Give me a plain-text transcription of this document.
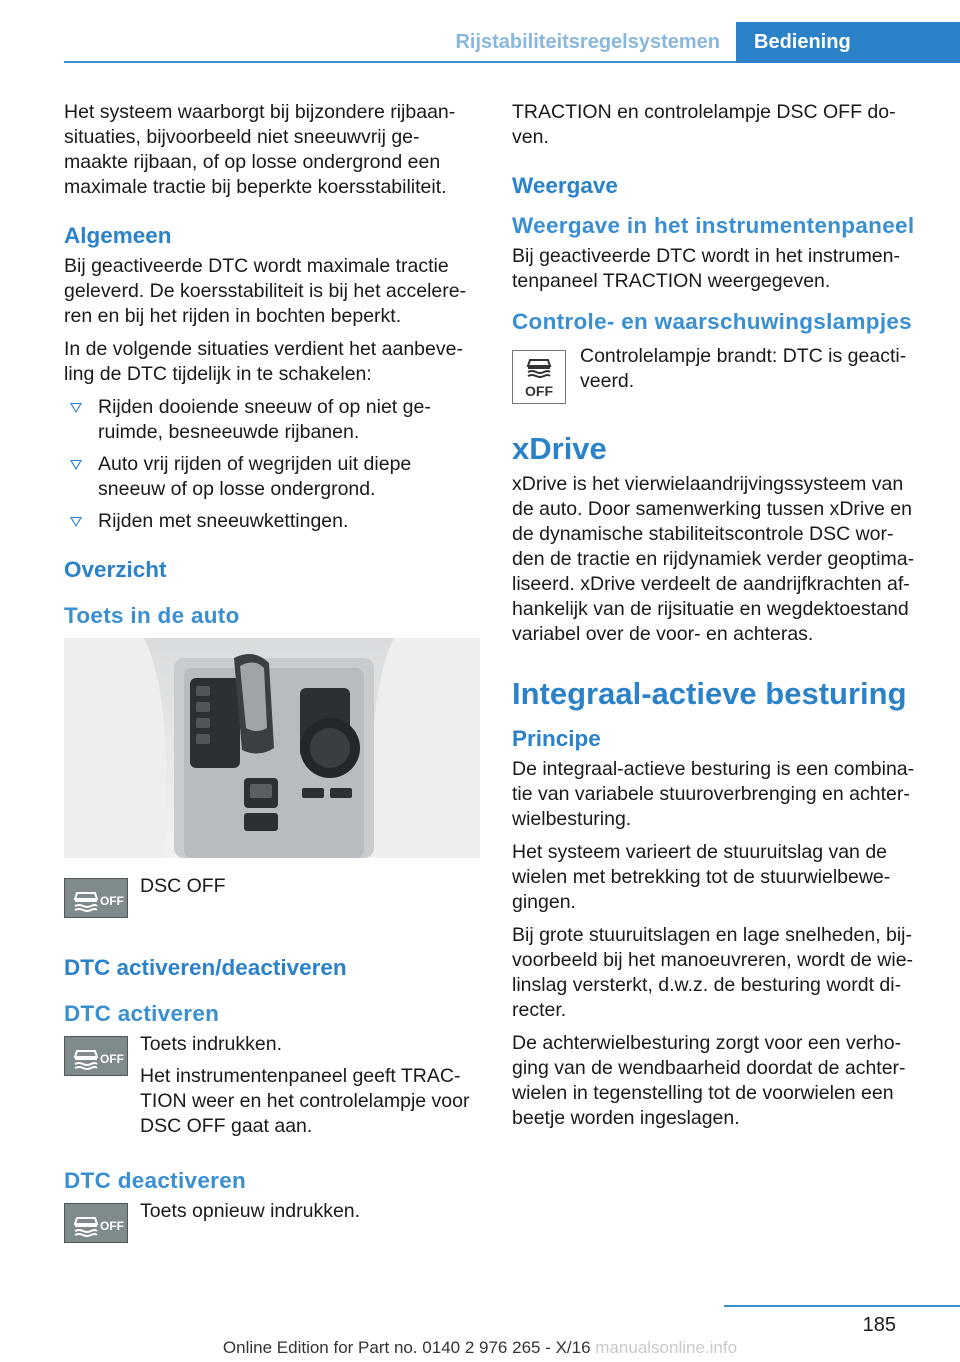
Rijstabiliteitsregelsystemen	Bediening

Het systeem waarborgt bij bijzondere rijbaan-situaties, bijvoorbeeld niet sneeuwvrij ge-maakte rijbaan, of op losse ondergrond een maximale tractie bij beperkte koersstabiliteit.

Algemeen

Bij geactiveerde DTC wordt maximale tractie geleverd. De koersstabiliteit is bij het accelere-ren en bij het rijden in bochten beperkt.

In de volgende situaties verdient het aanbeve-ling de DTC tijdelijk in te schakelen:

Rijden dooiende sneeuw of op niet ge-ruimde, besneeuwde rijbanen.
Auto vrij rijden of wegrijden uit diepe sneeuw of op losse ondergrond.
Rijden met sneeuwkettingen.
Overzicht
Toets in de auto
OFF

DSC OFF

DTC activeren/deactiveren
DTC activeren
OFF

Toets indrukken.

Het instrumentenpaneel geeft TRAC-TION weer en het controlelampje voor DSC OFF gaat aan.

DTC deactiveren
OFF

Toets opnieuw indrukken.

TRACTION en controlelampje DSC OFF do-ven.

Weergave
Weergave in het instrumentenpaneel

Bij geactiveerde DTC wordt in het instrumen-tenpaneel TRACTION weergegeven.

Controle- en waarschuwingslampjes
OFF

Controlelampje brandt: DTC is geacti-veerd.

xDrive

xDrive is het vierwielaandrijvingssysteem van de auto. Door samenwerking tussen xDrive en de dynamische stabiliteitscontrole DSC wor-den de tractie en rijdynamiek verder geoptima-liseerd. xDrive verdeelt de aandrijfkrachten af-hankelijk van de rijsituatie en wegdektoestand variabel over de voor- en achteras.

Integraal-actieve besturing
Principe

De integraal-actieve besturing is een combina-tie van variabele stuuroverbrenging en achter-wielbesturing.

Het systeem varieert de stuuruitslag van de wielen met betrekking tot de stuurwielbewe-gingen.

Bij grote stuuruitslagen en lage snelheden, bij-voorbeeld bij het manoeuvreren, wordt de wie-linslag versterkt, d.w.z. de besturing wordt di-recter.

De achterwielbesturing zorgt voor een verho-ging van de wendbaarheid doordat de achter-wielen in tegenstelling tot de voorwielen een beetje worden ingeslagen.

185
Online Edition for Part no. 0140 2 976 265 - X/16 manualsonline.info
